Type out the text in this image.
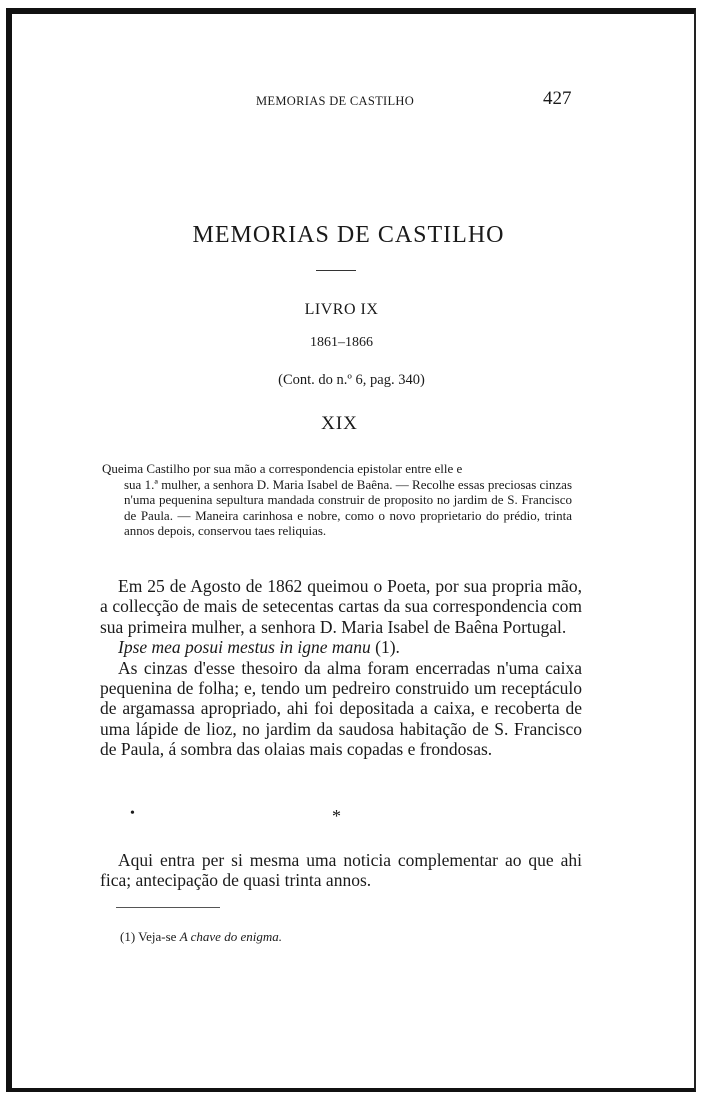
MEMORIAS DE CASTILHO	427
MEMORIAS DE CASTILHO
LIVRO IX
1861–1866
(Cont. do n.º 6, pag. 340)
XIX

Queima Castilho por sua mão a correspondencia epistolar entre elle e

sua 1.ª mulher, a senhora D. Maria Isabel de Baêna. — Recolhe essas preciosas cinzas n'uma pequenina sepultura mandada construir de proposito no jardim de S. Francisco de Paula. — Maneira carinhosa e nobre, como o novo proprietario do prédio, trinta annos depois, conservou taes reliquias.

Em 25 de Agosto de 1862 queimou o Poeta, por sua propria mão, a collecção de mais de setecentas cartas da sua correspondencia com sua primeira mulher, a senhora D. Maria Isabel de Baêna Portugal.

Ipse mea posui mestus in igne manu (1).

As cinzas d'esse thesoiro da alma foram encerradas n'uma caixa pequenina de folha; e, tendo um pedreiro construido um receptáculo de argamassa apropriado, ahi foi depositada a caixa, e recoberta de uma lápide de lioz, no jardim da saudosa habitação de S. Francisco de Paula, á sombra das olaias mais copadas e frondosas.

•	*

Aqui entra per si mesma uma noticia complementar ao que ahi fica; antecipação de quasi trinta annos.

(1) Veja-se A chave do enigma.
